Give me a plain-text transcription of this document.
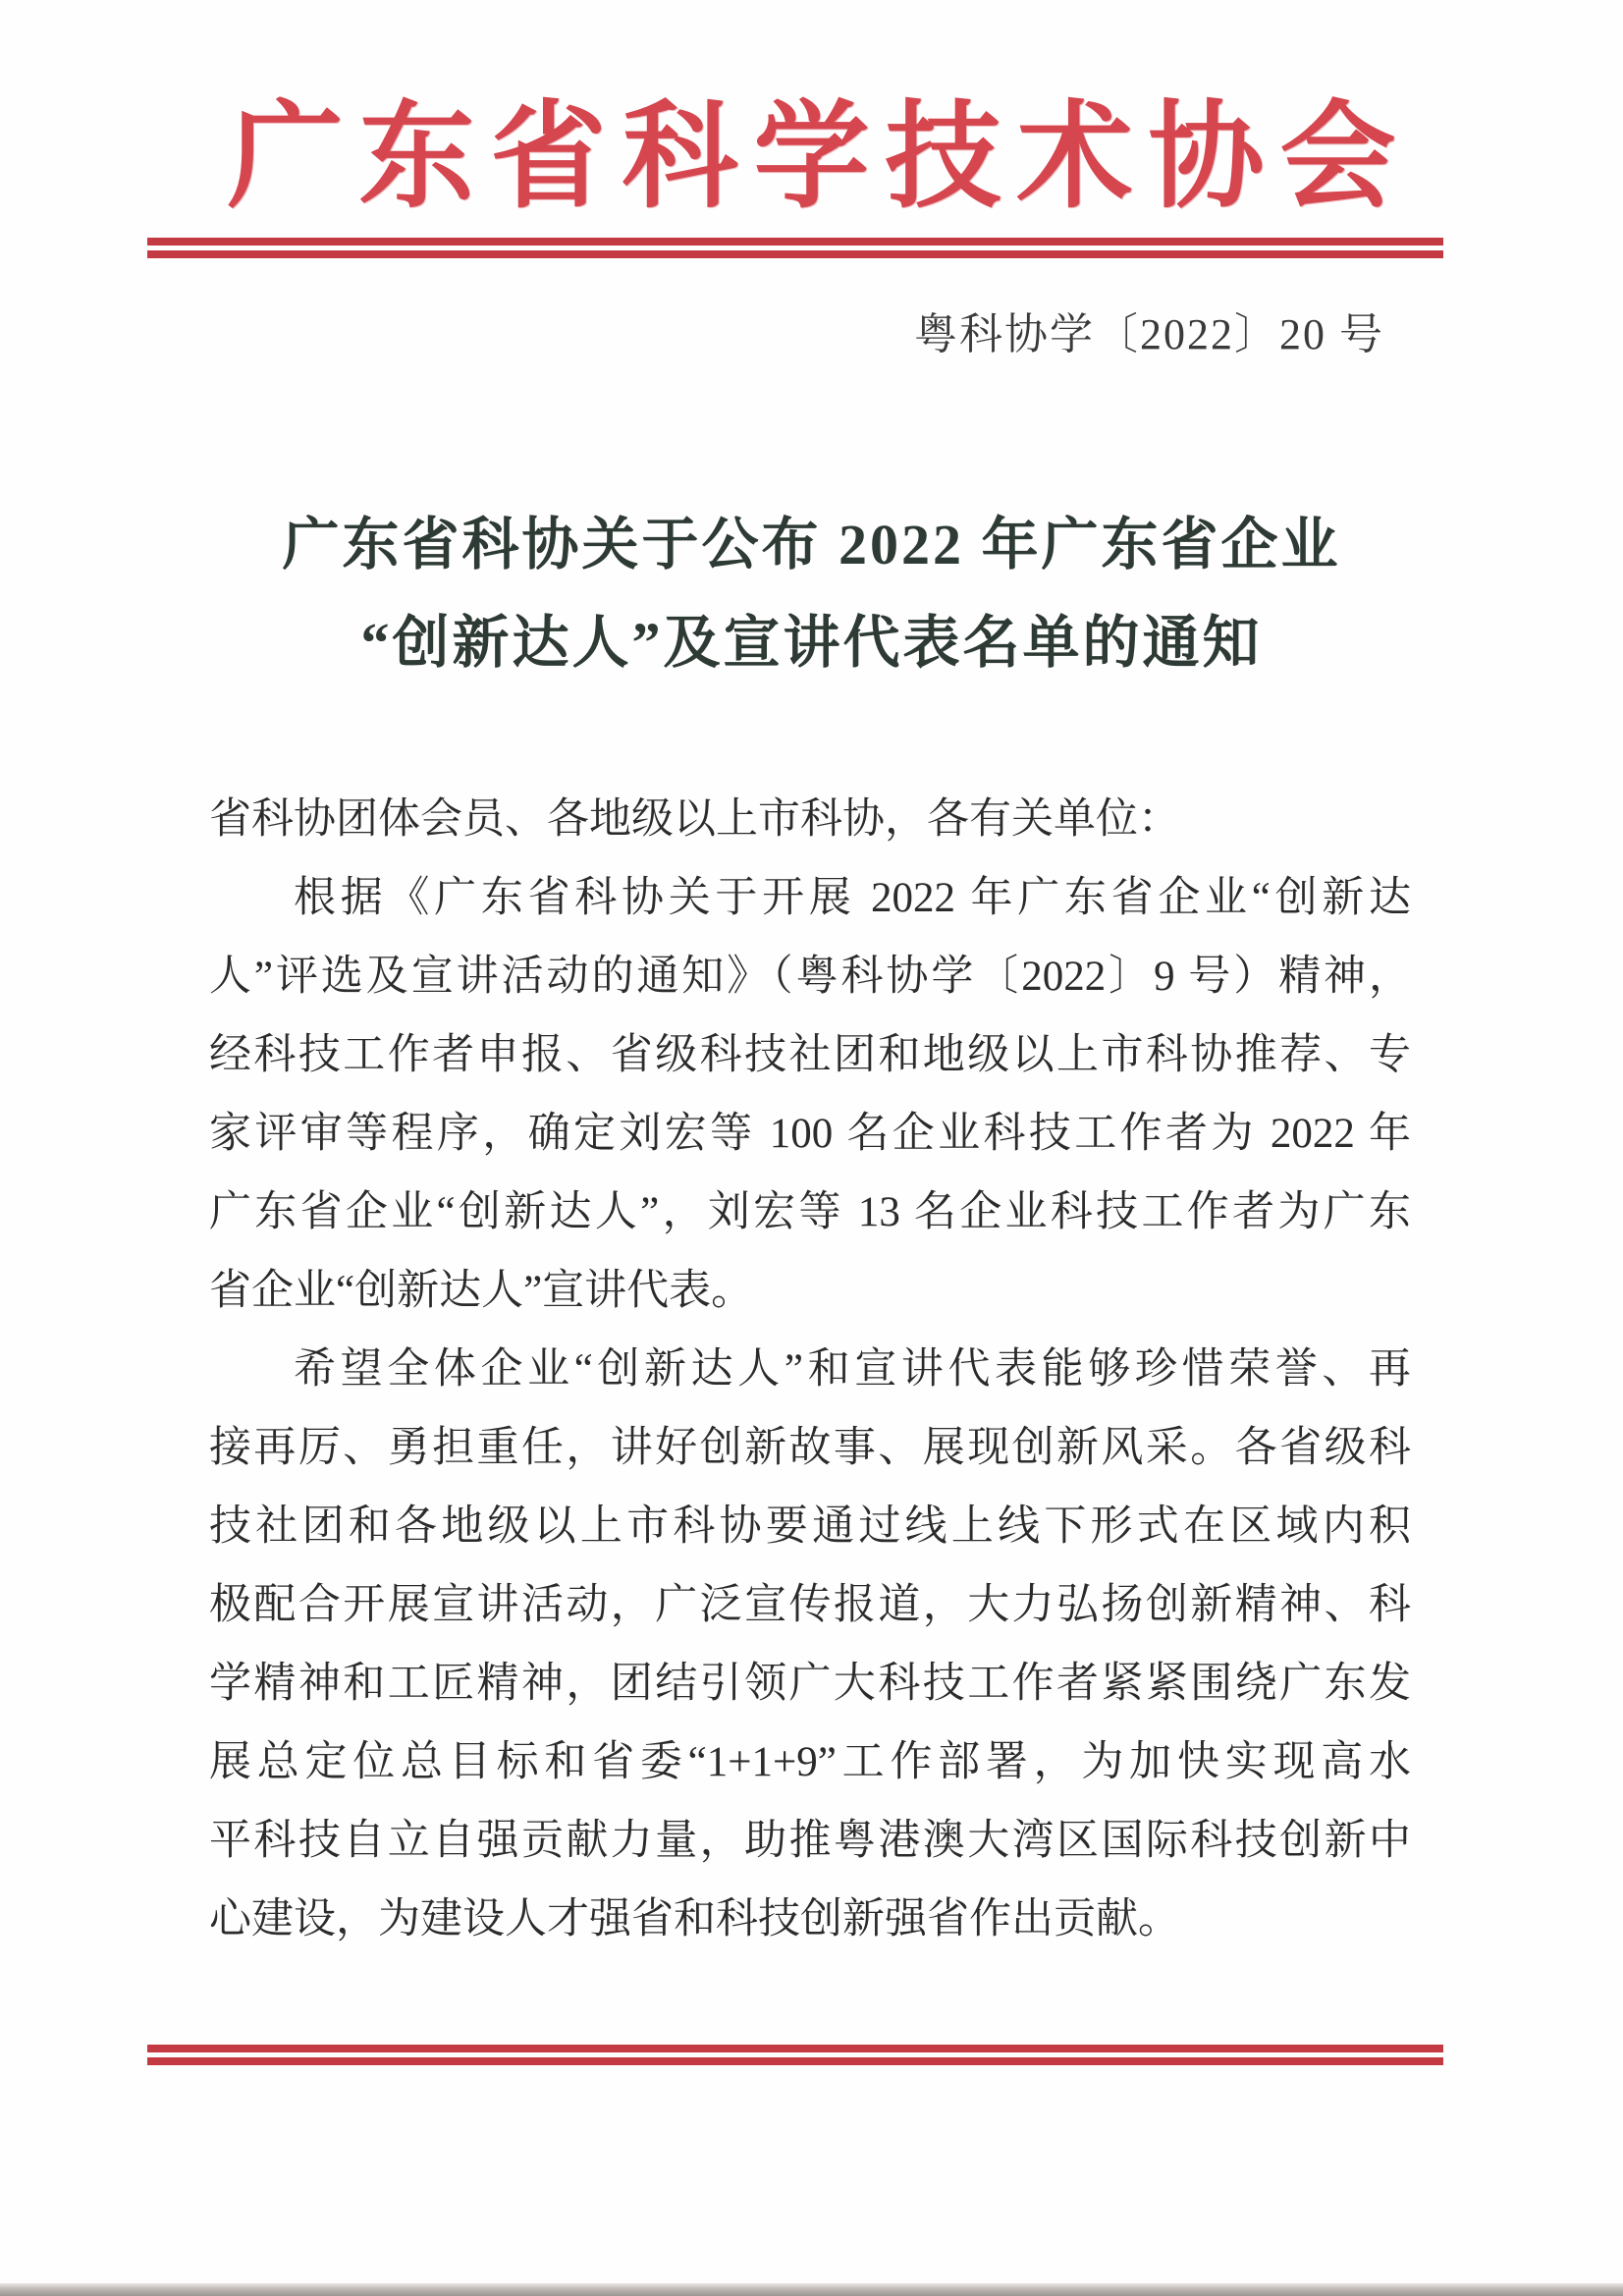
广东省科学技术协会
粤科协学〔2022〕20 号
广东省科协关于公布 2022 年广东省企业
“创新达人”及宣讲代表名单的通知
省科协团体会员、各地级以上市科协，各有关单位：
根据《广东省科协关于开展 2022 年广东省企业“创新达
人”评选及宣讲活动的通知》（粤科协学〔2022〕9 号）精神，
经科技工作者申报、省级科技社团和地级以上市科协推荐、专
家评审等程序，确定刘宏等 100 名企业科技工作者为 2022 年
广东省企业“创新达人”，刘宏等 13 名企业科技工作者为广东
省企业“创新达人”宣讲代表。
希望全体企业“创新达人”和宣讲代表能够珍惜荣誉、再
接再厉、勇担重任，讲好创新故事、展现创新风采。各省级科
技社团和各地级以上市科协要通过线上线下形式在区域内积
极配合开展宣讲活动，广泛宣传报道，大力弘扬创新精神、科
学精神和工匠精神，团结引领广大科技工作者紧紧围绕广东发
展总定位总目标和省委“1+1+9”工作部署，为加快实现高水
平科技自立自强贡献力量，助推粤港澳大湾区国际科技创新中
心建设，为建设人才强省和科技创新强省作出贡献。
